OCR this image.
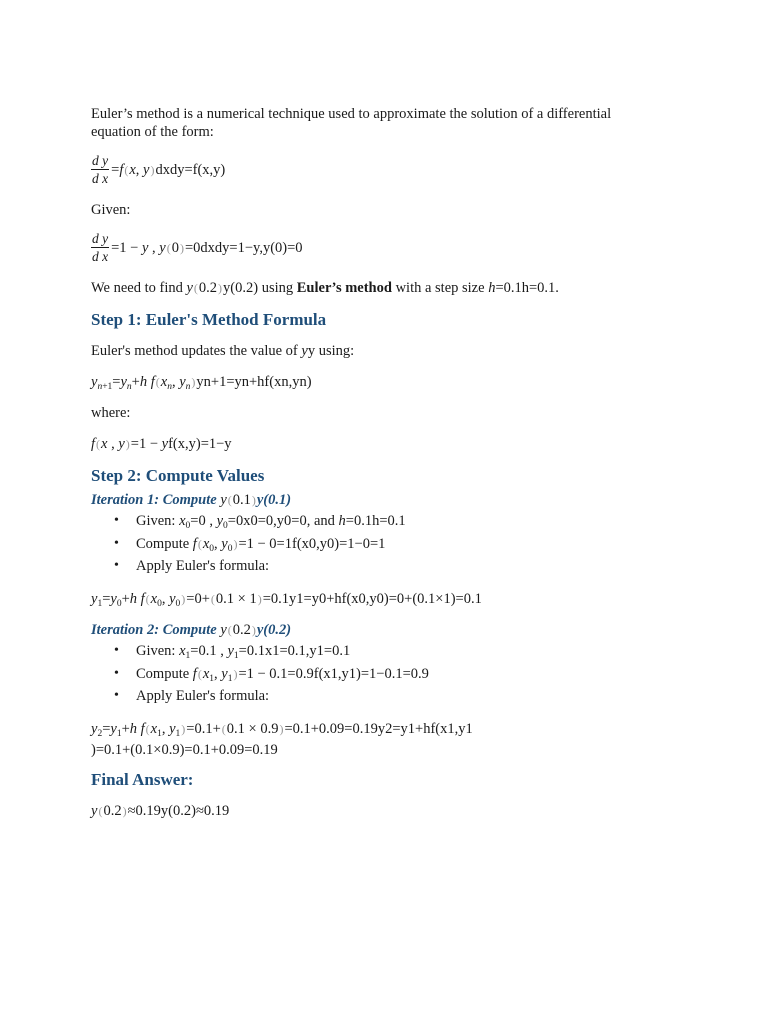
Euler’s method is a numerical technique used to approximate the solution of a differential equation of the form:

$\frac{\text{d y}}{\text{d x}} =f(x$, y) dxdy=f(x,y)
Given:
$\frac{\text{d y}}{\text{d x}} =1 - y$ , y(0)=0 dxdy=1−y,y(0)=0
We need to find y(0.2)y(0.2) using Euler’s method with a step size h=0.1h=0.1.
Step 1: Euler's Method Formula
Euler's method updates the value of yy using:
$y_{n+1}=y_n+h$ $f(x_n$, $y_n)yn+1=yn+hf(xn,yn)$
where:
f(x , y)=1 − yf(x,y)=1−y
Step 2: Compute Values
Iteration 1: Compute y(0.1)y(0.1)
• Given: $x_0=0$ , $y_0=0x0=0,y0=0$, and h=0.1h=0.1
• Compute $f(x_0$, $y_0)=1 - 0=1f(x0,y0)=1-0=1$
• Apply Euler's formula:
$y_1=y_0+h$ $f(x_0$, $y_0)=0+(0.1 \times 1)=0.1y1=y0+hf(x0,y0)=0+(0.1\times 1)=0.1$
Iteration 2: Compute y(0.2)y(0.2)
• Given: $x_1=0.1$ , $y_1=0.1x1=0.1,y1=0.1$
• Compute $f(x_1$, $y_1)=1 - 0.1=0.9f(x1,y1)=1-0.1=0.9$
• Apply Euler's formula:
$y_2=y_1+h$ $f(x_1$, $y_1)=0.1+(0.1 \times 0.9)=0.1+0.09=0.19y2=y1+hf(x1,y1$
)=0.1+(0.1×0.9)=0.1+0.09=0.19
Final Answer:
y(0.2)≈0.19y(0.2)≈0.19
